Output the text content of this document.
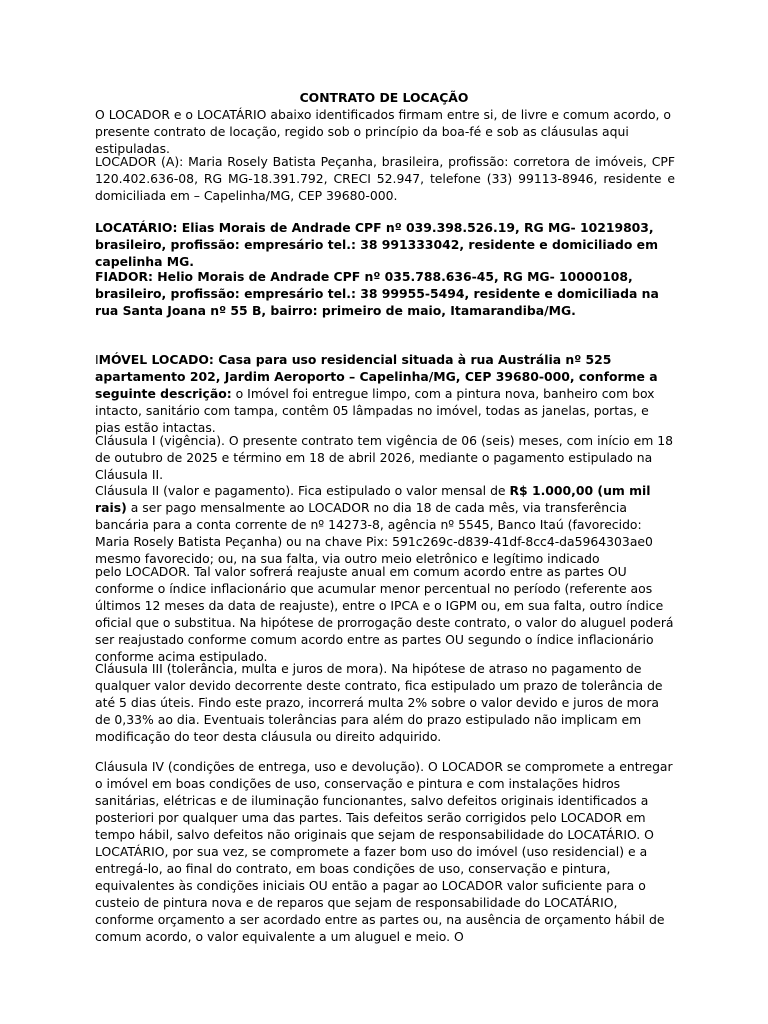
CONTRATO DE LOCAÇÃO

O LOCADOR e o LOCATÁRIO abaixo identificados firmam entre si, de livre e comum acordo, o presente contrato de locação, regido sob o princípio da boa-fé e sob as cláusulas aqui estipuladas.

LOCADOR (A): Maria Rosely Batista Peçanha, brasileira, profissão: corretora de imóveis, CPF 120.402.636-08, RG MG-18.391.792, CRECI 52.947, telefone (33) 99113-8946, residente e domiciliada em – Capelinha/MG, CEP 39680-000.

LOCATÁRIO: Elias Morais de Andrade CPF nº 039.398.526.19, RG MG- 10219803, brasileiro, profissão: empresário tel.: 38 991333042, residente e domiciliado em capelinha MG.

FIADOR: Helio Morais de Andrade CPF nº 035.788.636-45, RG MG- 10000108, brasileiro, profissão: empresário tel.: 38 99955-5494, residente e domiciliada na rua Santa Joana nº 55 B, bairro: primeiro de maio, Itamarandiba/MG.

IMÓVEL LOCADO: Casa para uso residencial situada à rua Austrália nº 525 apartamento 202, Jardim Aeroporto – Capelinha/MG, CEP 39680-000, conforme a seguinte descrição: o Imóvel foi entregue limpo, com a pintura nova, banheiro com box intacto, sanitário com tampa, contêm 05 lâmpadas no imóvel, todas as janelas, portas, e pias estão intactas.

Cláusula I (vigência). O presente contrato tem vigência de 06 (seis) meses, com início em 18 de outubro de 2025 e término em 18 de abril 2026, mediante o pagamento estipulado na Cláusula II.

Cláusula II (valor e pagamento). Fica estipulado o valor mensal de R$ 1.000,00 (um mil rais) a ser pago mensalmente ao LOCADOR no dia 18 de cada mês, via transferência bancária para a conta corrente de nº 14273-8, agência nº 5545, Banco Itaú (favorecido: Maria Rosely Batista Peçanha) ou na chave Pix: 591c269c-d839-41df-8cc4-da5964303ae0 mesmo favorecido; ou, na sua falta, via outro meio eletrônico e legítimo indicado

pelo LOCADOR. Tal valor sofrerá reajuste anual em comum acordo entre as partes OU conforme o índice inflacionário que acumular menor percentual no período (referente aos últimos 12 meses da data de reajuste), entre o IPCA e o IGPM ou, em sua falta, outro índice oficial que o substitua. Na hipótese de prorrogação deste contrato, o valor do aluguel poderá ser reajustado conforme comum acordo entre as partes OU segundo o índice inflacionário conforme acima estipulado.

Cláusula III (tolerância, multa e juros de mora). Na hipótese de atraso no pagamento de qualquer valor devido decorrente deste contrato, fica estipulado um prazo de tolerância de até 5 dias úteis. Findo este prazo, incorrerá multa 2% sobre o valor devido e juros de mora de 0,33% ao dia. Eventuais tolerâncias para além do prazo estipulado não implicam em modificação do teor desta cláusula ou direito adquirido.

Cláusula IV (condições de entrega, uso e devolução). O LOCADOR se compromete a entregar o imóvel em boas condições de uso, conservação e pintura e com instalações hidros sanitárias, elétricas e de iluminação funcionantes, salvo defeitos originais identificados a posteriori por qualquer uma das partes. Tais defeitos serão corrigidos pelo LOCADOR em tempo hábil, salvo defeitos não originais que sejam de responsabilidade do LOCATÁRIO. O LOCATÁRIO, por sua vez, se compromete a fazer bom uso do imóvel (uso residencial) e a entregá-lo, ao final do contrato, em boas condições de uso, conservação e pintura, equivalentes às condições iniciais OU então a pagar ao LOCADOR valor suficiente para o custeio de pintura nova e de reparos que sejam de responsabilidade do LOCATÁRIO, conforme orçamento a ser acordado entre as partes ou, na ausência de orçamento hábil de comum acordo, o valor equivalente a um aluguel e meio. O
